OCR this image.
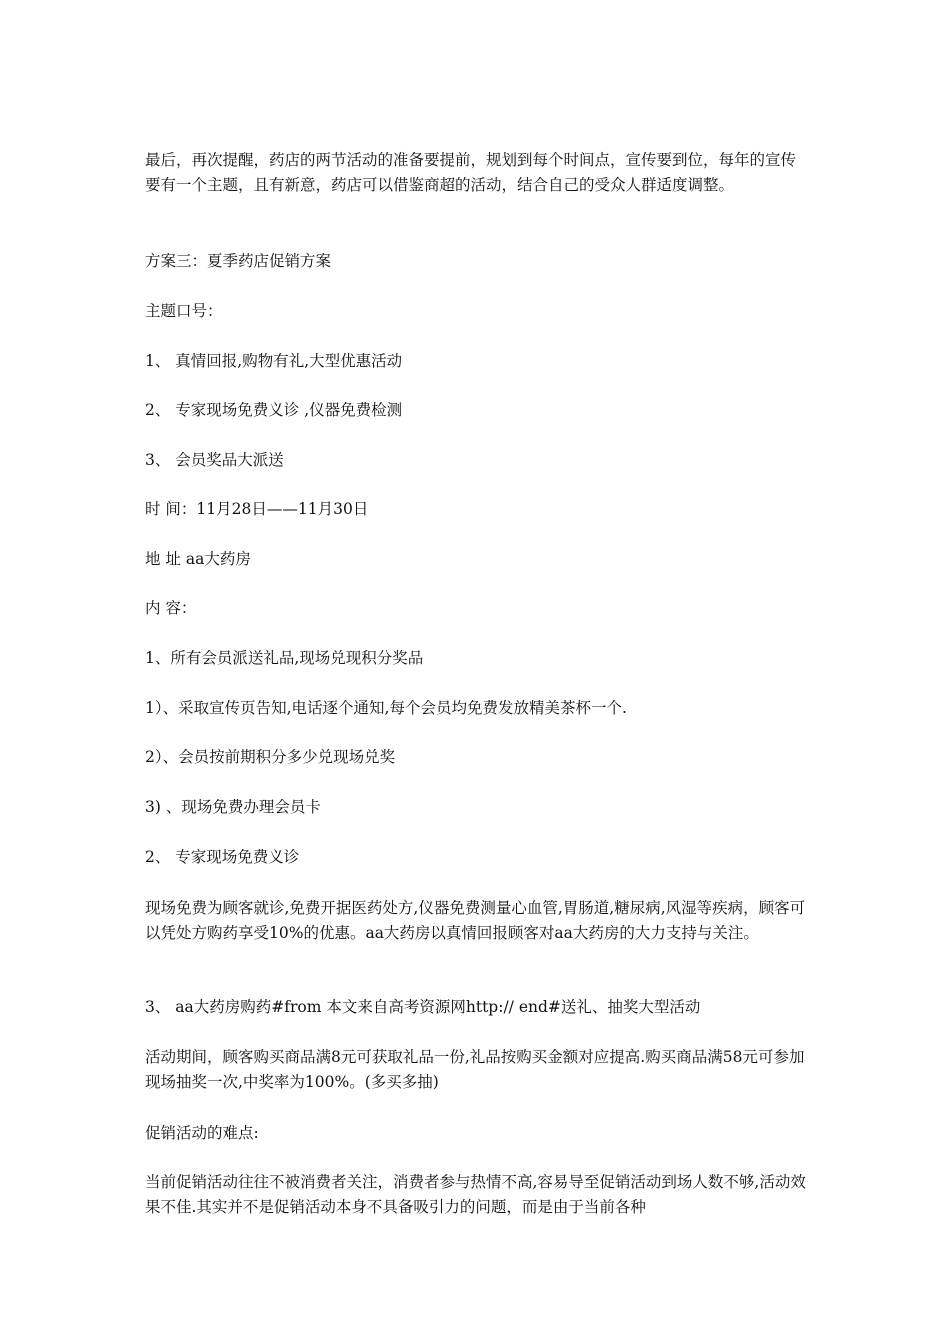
最后，再次提醒，药店的两节活动的准备要提前，规划到每个时间点，宣传要到位，每年的宣传要有一个主题，且有新意，药店可以借鉴商超的活动，结合自己的受众人群适度调整。
方案三：夏季药店促销方案
主题口号：
1、 真情回报,购物有礼,大型优惠活动
2、 专家现场免费义诊 ,仪器免费检测
3、 会员奖品大派送
时 间：11月28日——11月30日
地 址 aa大药房
内 容：
1、所有会员派送礼品,现场兑现积分奖品
1）、采取宣传页告知,电话逐个通知,每个会员均免费发放精美茶杯一个.
2）、会员按前期积分多少兑现场兑奖
3) 、现场免费办理会员卡
2、 专家现场免费义诊
现场免费为顾客就诊,免费开据医药处方,仪器免费测量心血管,胃肠道,糖尿病,风湿等疾病，顾客可以凭处方购药享受10%的优惠。aa大药房以真情回报顾客对aa大药房的大力支持与关注。
3、 aa大药房购药#from 本文来自高考资源网http:// end#送礼、抽奖大型活动
活动期间，顾客购买商品满8元可获取礼品一份,礼品按购买金额对应提高.购买商品满58元可参加现场抽奖一次,中奖率为100%。(多买多抽)
促销活动的难点:
当前促销活动往往不被消费者关注，消费者参与热情不高,容易导至促销活动到场人数不够,活动效果不佳.其实并不是促销活动本身不具备吸引力的问题，而是由于当前各种
